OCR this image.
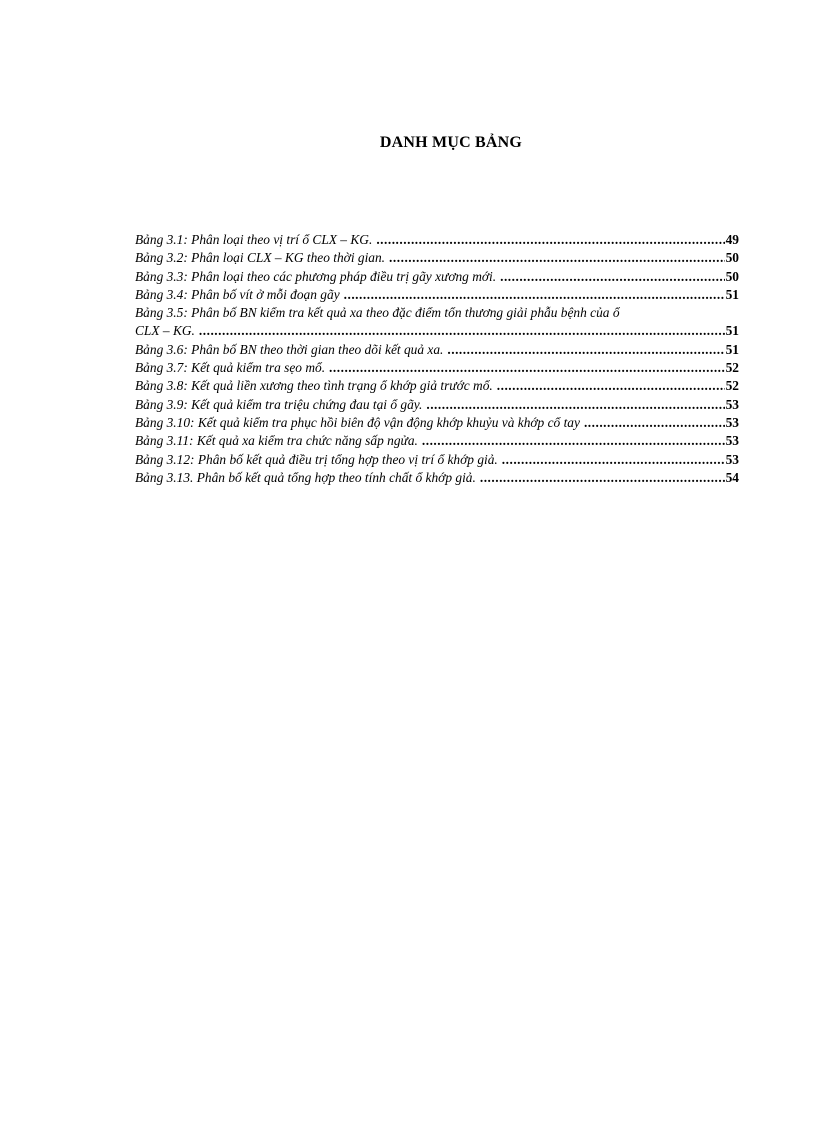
DANH MỤC BẢNG
Bảng 3.1: Phân loại theo vị trí ổ CLX – KG. .....	49
Bảng 3.2: Phân loại CLX – KG theo thời gian. .....	50
Bảng 3.3: Phân loại theo các phương pháp điều trị gãy xương mới. .....	50
Bảng 3.4: Phân bố vít ở mỗi đoạn gãy .....	51
Bảng 3.5: Phân bố BN kiểm tra kết quả xa theo đặc điểm tổn thương giải phẫu bệnh của ổ
CLX – KG. .....	51
Bảng 3.6: Phân bố BN theo thời gian theo dõi kết quả xa. .....	51
Bảng 3.7: Kết quả kiểm tra sẹo mổ. .....	52
Bảng 3.8: Kết quả liền xương theo tình trạng ổ khớp giả trước mổ. .....	52
Bảng 3.9: Kết quả kiểm tra triệu chứng đau tại ổ gãy. .....	53
Bảng 3.10: Kết quả kiểm tra phục hồi biên độ vận động khớp khuỷu và khớp cổ tay .....	53
Bảng 3.11: Kết quả xa kiểm tra chức năng sấp ngửa. .....	53
Bảng 3.12: Phân bố kết quả điều trị tổng hợp theo vị trí ổ khớp giả. .....	53
Bảng 3.13. Phân bố kết quả tổng hợp theo tính chất ổ khớp giả. .....	54
